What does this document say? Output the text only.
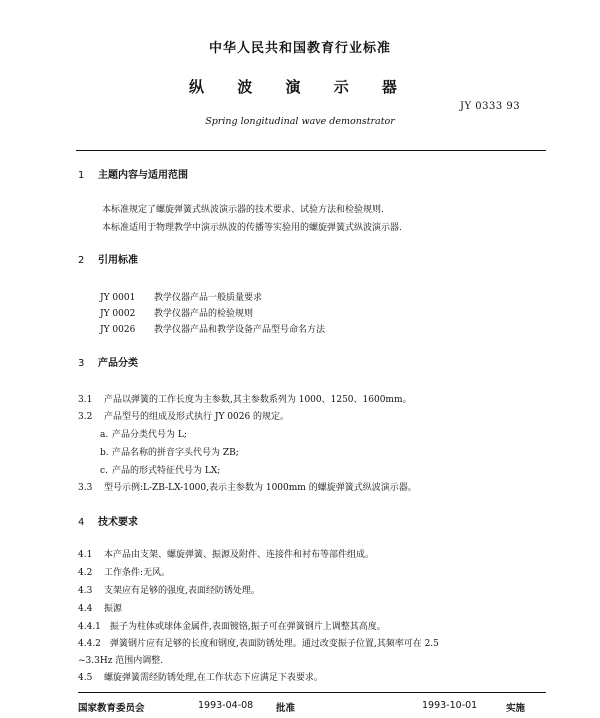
中华人民共和国教育行业标准
纵 波 演 示 器
JY 0333 93
Spring longitudinal wave demonstrator
1 主题内容与适用范围
本标准规定了螺旋弹簧式纵波演示器的技术要求、试验方法和检验规则.
本标准适用于物理教学中演示纵波的传播等实验用的螺旋弹簧式纵波演示器.
2 引用标准
JY 0001 教学仪器产品一般质量要求
JY 0002 教学仪器产品的检验规则
JY 0026 教学仪器产品和教学设备产品型号命名方法
3 产品分类
3.1 产品以弹簧的工作长度为主参数,其主参数系列为 1000、1250、1600mm。
3.2 产品型号的组成及形式执行 JY 0026 的规定。
a. 产品分类代号为 L;
b. 产品名称的拼音字头代号为 ZB;
c. 产品的形式特征代号为 LX;
3.3 型号示例:L-ZB-LX-1000,表示主参数为 1000mm 的螺旋弹簧式纵波演示器。
4 技术要求
4.1 本产品由支架、螺旋弹簧、振源及附件、连接件和衬布等部件组成。
4.2 工作条件:无风。
4.3 支架应有足够的强度,表面经防锈处理。
4.4 振源
4.4.1 振子为柱体或球体金属件,表面镀铬,振子可在弹簧钢片上调整其高度。
4.4.2 弹簧钢片应有足够的长度和钢度,表面防锈处理。通过改变振子位置,其频率可在 2.5
~3.3Hz 范围内调整.
4.5 螺旋弹簧需经防锈处理,在工作状态下应满足下表要求。
国家教育委员会	1993-04-08 批准	1993-10-01	实施
